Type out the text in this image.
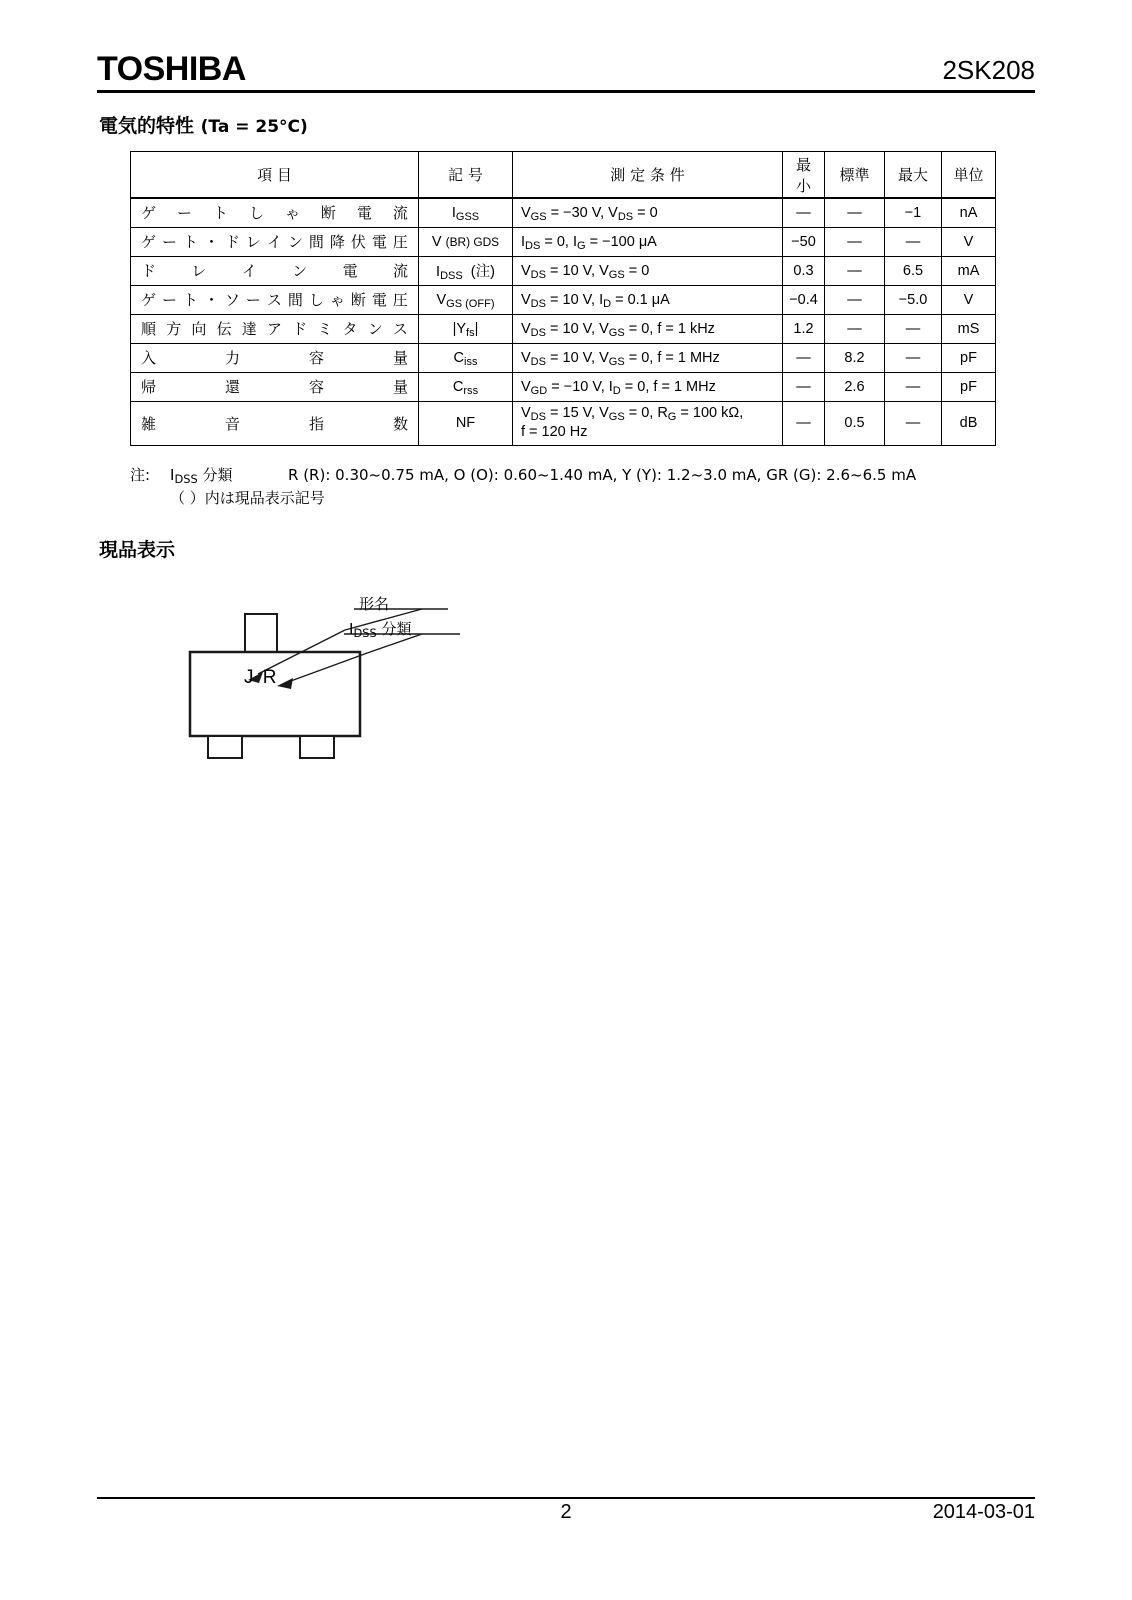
TOSHIBA	2SK208
電気的特性 (Ta = 25°C)
項目	記号	測定条件	最小	標準	最大	単位

ゲ ー ト し ゃ 断 電 流	$I_{GSS}$	$V_{GS} = -30$ V, $V_{DS} = 0$	—	—	−1	nA

ゲ ー ト ・ ド レ イ ン 間 降 伏 電 圧	V (BR) GDS	$I_{DS} = 0$, $I_G = -100$ μA	−50	—	—	V

ド レ イ ン 電 流	$I_{DSS}$  (注)	$V_{DS} = 10$ V, $V_{GS} = 0$	0.3	—	6.5	mA

ゲ ー ト ・ ソ ー ス 間 し ゃ 断 電 圧	$V_{GS (OFF)}$	$V_{DS} = 10$ V, $I_D = 0.1$ μA	−0.4	—	−5.0	V

順 方 向 伝 達 ア ド ミ タ ン ス	$|Y_{fs}|$	$V_{DS} = 10$ V, $V_{GS} = 0$, f = 1 kHz	1.2	—	—	mS

入 力 容 量	$C_{iss}$	$V_{DS} = 10$ V, $V_{GS} = 0$, f = 1 MHz	—	8.2	—	pF

帰 還 容 量	$C_{rss}$	$V_{GD} = -10$ V, $I_D = 0$, f = 1 MHz	—	2.6	—	pF

雑 音 指 数	NF	$V_{DS} = 15$ V, $V_{GS} = 0$, $R_G = 100$ kΩ,
f = 120 Hz	—	0.5	—	dB
注: $I_{DSS}$ 分類	R (R): 0.30~0.75 mA, O (O): 0.60~1.40 mA, Y (Y): 1.2~3.0 mA, GR (G): 2.6~6.5 mA
（ ）内は現品表示記号
現品表示
J R
形名
$I_{DSS}$ 分類
2	2014-03-01
